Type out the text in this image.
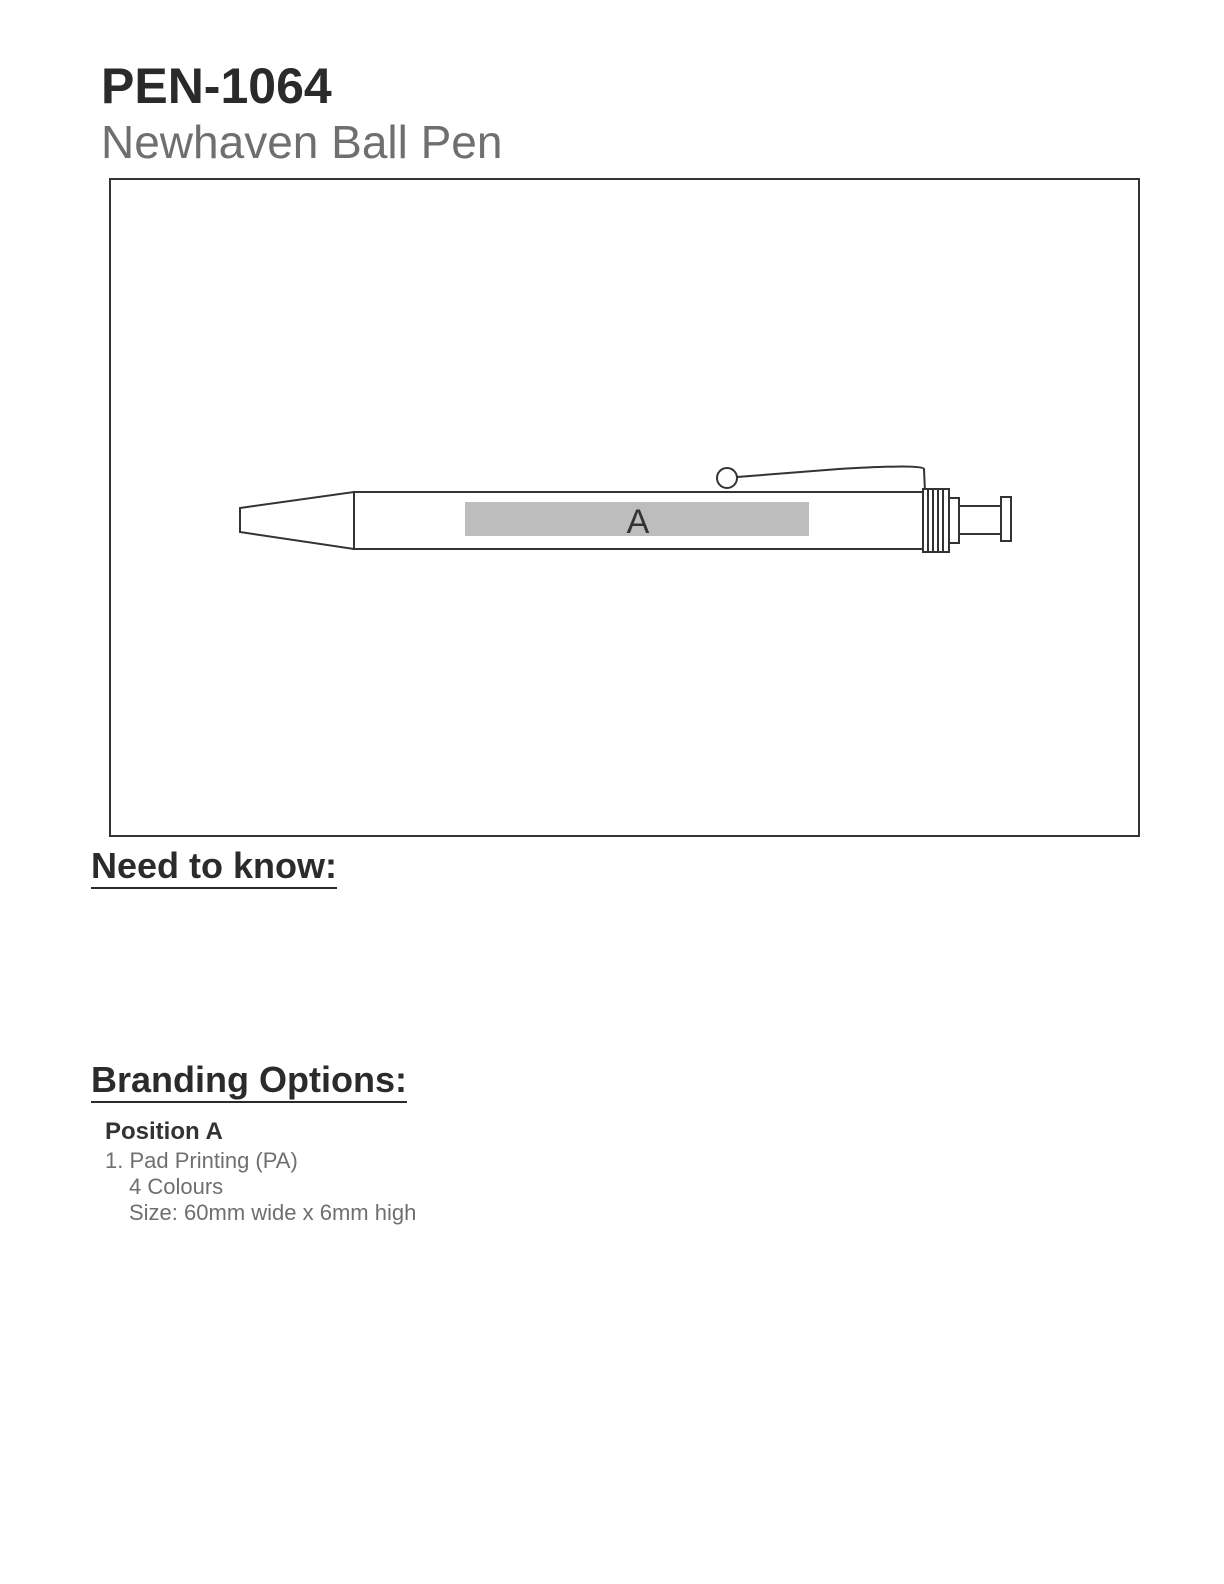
PEN-1064
Newhaven Ball Pen
A
Need to know:
Branding Options:
Position A
1. Pad Printing (PA)
4 Colours
Size: 60mm wide x 6mm high
